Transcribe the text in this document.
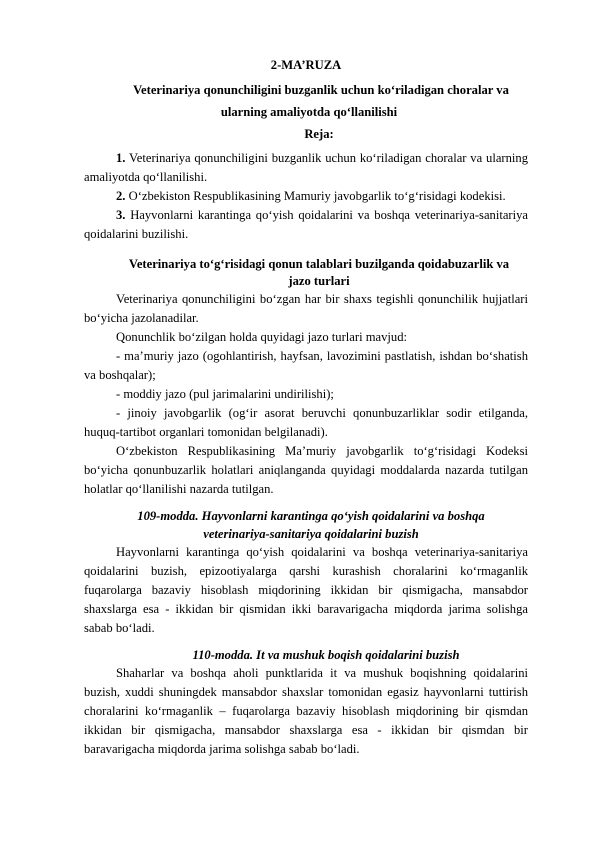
2-MA’RUZA
Veterinariya qonunchiligini buzganlik uchun ko‘riladigan choralar va
ularning amaliyotda qo‘llanilishi
Reja:

1. Veterinariya qonunchiligini buzganlik uchun ko‘riladigan choralar va ularning amaliyotda qo‘llanilishi.

2. O‘zbekiston Respublikasining Mamuriy javobgarlik to‘g‘risidagi kodekisi.

3. Hayvonlarni karantinga qo‘yish qoidalarini va boshqa veterinariya-sanitariya qoidalarini buzilishi.

Veterinariya to‘g‘risidagi qonun talablari buzilganda qoidabuzarlik va
jazo turlari

Veterinariya qonunchiligini bo‘zgan har bir shaxs tegishli qonunchilik hujjatlari bo‘yicha jazolanadilar.

Qonunchlik bo‘zilgan holda quyidagi jazo turlari mavjud:

- ma’muriy jazo (ogohlantirish, hayfsan, lavozimini pastlatish, ishdan bo‘shatish va boshqalar);

- moddiy jazo (pul jarimalarini undirilishi);

- jinoiy javobgarlik (og‘ir asorat beruvchi qonunbuzarliklar sodir etilganda, huquq-tartibot organlari tomonidan belgilanadi).

O‘zbekiston Respublikasining Ma’muriy javobgarlik to‘g‘risidagi Kodeksi bo‘yicha qonunbuzarlik holatlari aniqlanganda quyidagi moddalarda nazarda tutilgan holatlar qo‘llanilishi nazarda tutilgan.

109-modda. Hayvonlarni karantinga qo‘yish qoidalarini va boshqa
veterinariya-sanitariya qoidalarini buzish

Hayvonlarni karantinga qo‘yish qoidalarini va boshqa veterinariya-sanitariya qoidalarini buzish, epizootiyalarga qarshi kurashish choralarini ko‘rmaganlik fuqarolarga bazaviy hisoblash miqdorining ikkidan bir qismigacha, mansabdor shaxslarga esa - ikkidan bir qismidan ikki baravarigacha miqdorda jarima solishga sabab bo‘ladi.

110-modda. It va mushuk boqish qoidalarini buzish

Shaharlar va boshqa aholi punktlarida it va mushuk boqishning qoidalarini buzish, xuddi shuningdek mansabdor shaxslar tomonidan egasiz hayvonlarni tuttirish choralarini ko‘rmaganlik – fuqarolarga bazaviy hisoblash miqdorining bir qismdan ikkidan bir qismigacha, mansabdor shaxslarga esa - ikkidan bir qismdan bir baravarigacha miqdorda jarima solishga sabab bo‘ladi.
